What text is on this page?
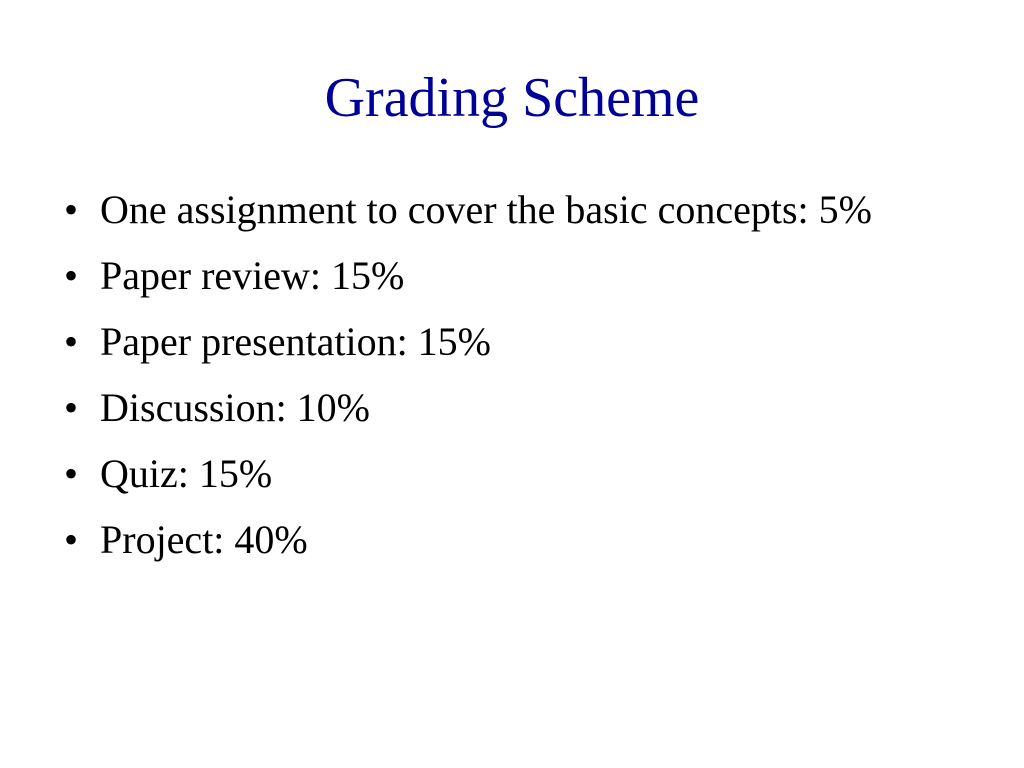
Grading Scheme
• One assignment to cover the basic concepts: 5%
• Paper review: 15%
• Paper presentation: 15%
• Discussion: 10%
• Quiz: 15%
• Project: 40%
